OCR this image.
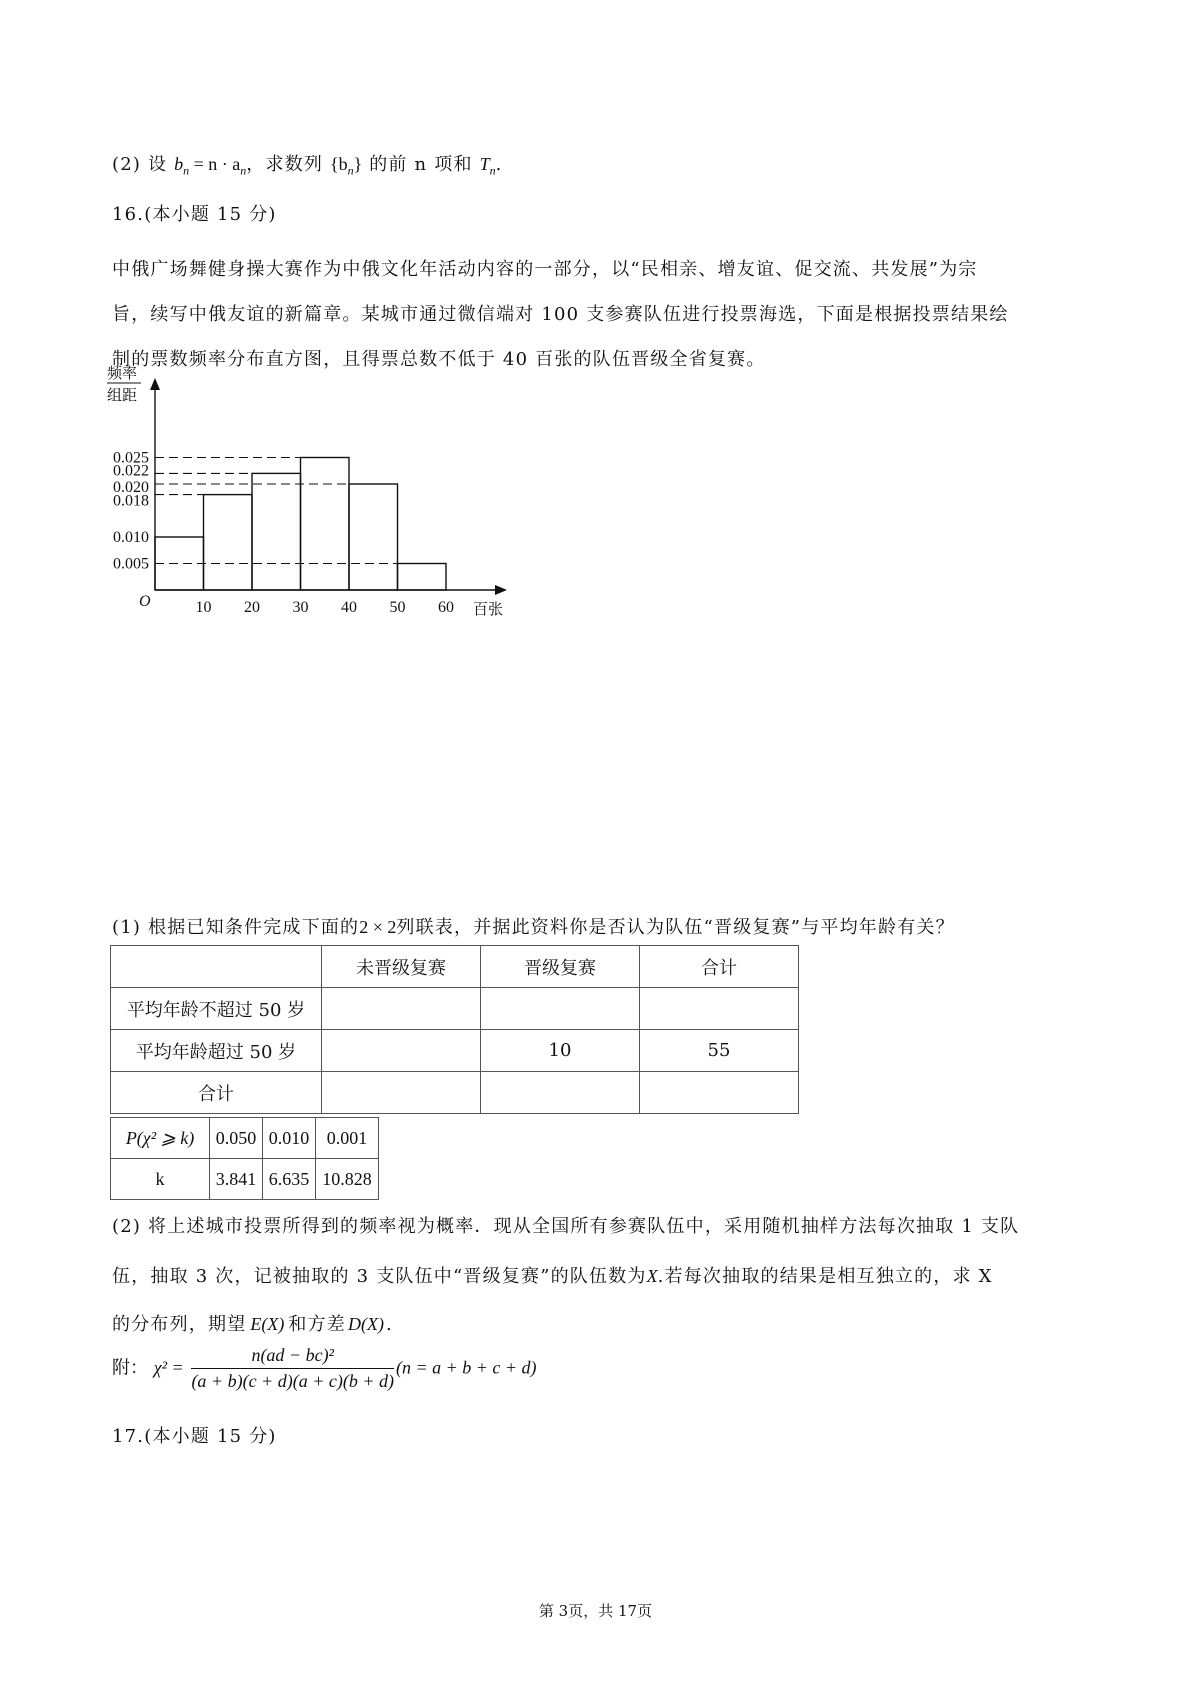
(2) 设 $b_n = n \cdot a_n$，求数列 $\{b_n\}$ 的前 n 项和 $T_n$.
16.(本小题 15 分)
中俄广场舞健身操大赛作为中俄文化年活动内容的一部分，以“民相亲、增友谊、促交流、共发展”为宗
旨，续写中俄友谊的新篇章。某城市通过微信端对 100 支参赛队伍进行投票海选，下面是根据投票结果绘
制的票数频率分布直方图，且得票总数不低于 40 百张的队伍晋级全省复赛。
0.025
0.022
0.020
0.018
0.010
0.005
10 20 30 40 50 60
O	百张
频率
组距
(1) 根据已知条件完成下面的2 × 2列联表，并据此资料你是否认为队伍“晋级复赛”与平均年龄有关？
	未晋级复赛	晋级复赛	合计
平均年龄不超过 50 岁			
平均年龄超过 50 岁		10	55
合计			
P(χ² ⩾ k)	0.050	0.010	0.001
k	3.841	6.635	10.828
(2) 将上述城市投票所得到的频率视为概率．现从全国所有参赛队伍中，采用随机抽样方法每次抽取 1 支队
伍，抽取 3 次，记被抽取的 3 支队伍中“晋级复赛”的队伍数为X.若每次抽取的结果是相互独立的，求 X
的分布列，期望 E(X) 和方差 D(X) .
附： $\chi^2 = \frac{\text{n(ad − bc)²}}{(a + b)(c + d)(a + c)(b + d)} (n = a + b + c + d)$
17.(本小题 15 分)
第 3页，共 17页
